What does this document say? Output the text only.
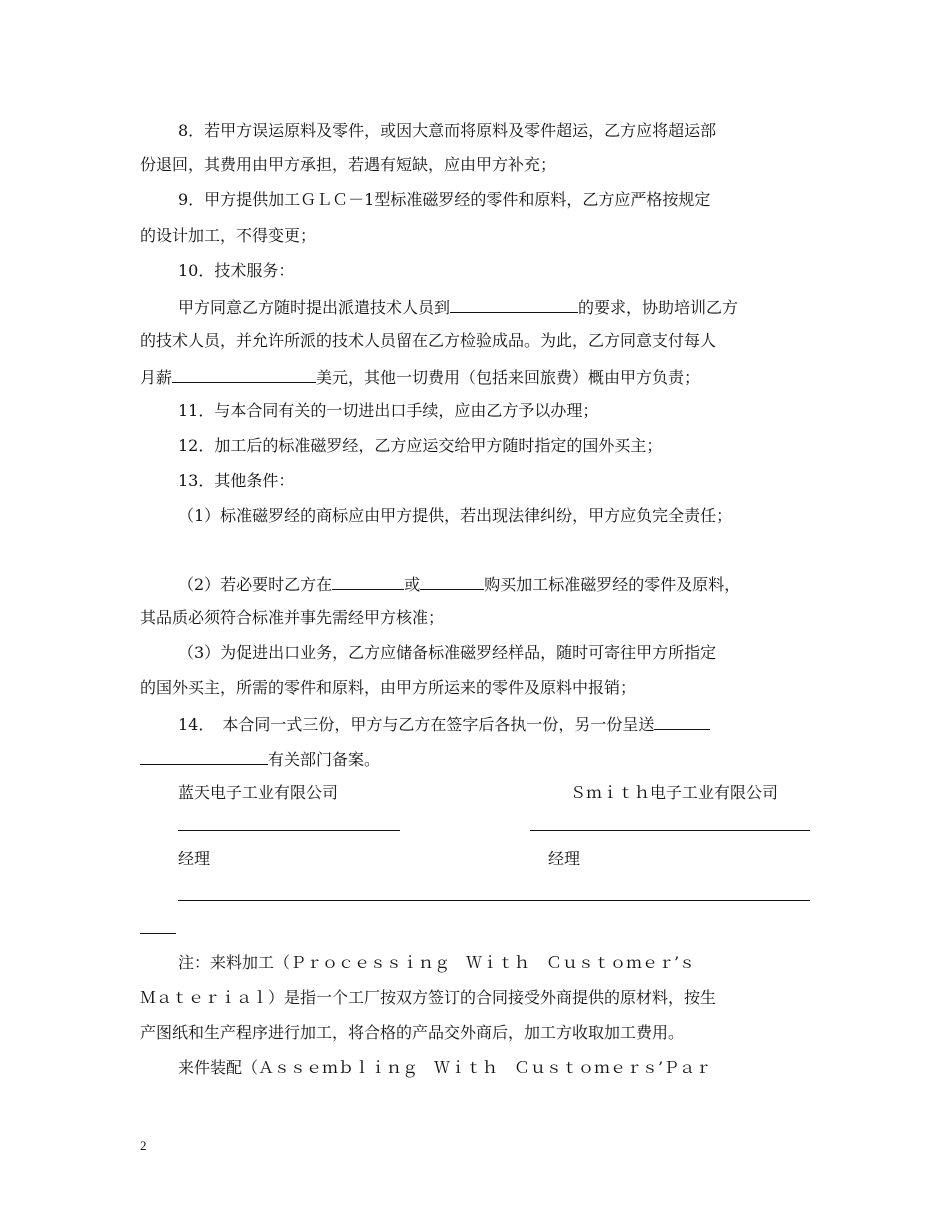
8．若甲方误运原料及零件，或因大意而将原料及零件超运，乙方应将超运部
份退回，其费用由甲方承担，若遇有短缺，应由甲方补充；
9．甲方提供加工ＧＬＣ－1型标准磁罗经的零件和原料，乙方应严格按规定
的设计加工，不得变更；
10．技术服务：
甲方同意乙方随时提出派遣技术人员到	的要求，协助培训乙方
的技术人员，并允许所派的技术人员留在乙方检验成品。为此，乙方同意支付每人
月薪	美元，其他一切费用（包括来回旅费）概由甲方负责；
11．与本合同有关的一切进出口手续，应由乙方予以办理；
12．加工后的标准磁罗经，乙方应运交给甲方随时指定的国外买主；
13．其他条件：
（1）标准磁罗经的商标应由甲方提供，若出现法律纠纷，甲方应负完全责任；
（2）若必要时乙方在	或	购买加工标准磁罗经的零件及原料，
其品质必须符合标准并事先需经甲方核准；
（3）为促进出口业务，乙方应储备标准磁罗经样品，随时可寄往甲方所指定
的国外买主，所需的零件和原料，由甲方所运来的零件及原料中报销；
14．　本合同一式三份，甲方与乙方在签字后各执一份，另一份呈送
有关部门备案。
蓝天电子工业有限公司	Ｓｍｉｔｈ电子工业有限公司
经理	经理
注：来料加工（Ｐｒｏｃｅｓｓｉｎｇ　Ｗｉｔｈ　Ｃｕｓｔｏｍｅｒ’ｓ
Ｍａｔｅｒｉａｌ）是指一个工厂按双方签订的合同接受外商提供的原材料，按生
产图纸和生产程序进行加工，将合格的产品交外商后，加工方收取加工费用。
来件装配（Ａｓｓｅｍｂｌｉｎｇ　Ｗｉｔｈ　Ｃｕｓｔｏｍｅｒｓ’Ｐａｒ
2
